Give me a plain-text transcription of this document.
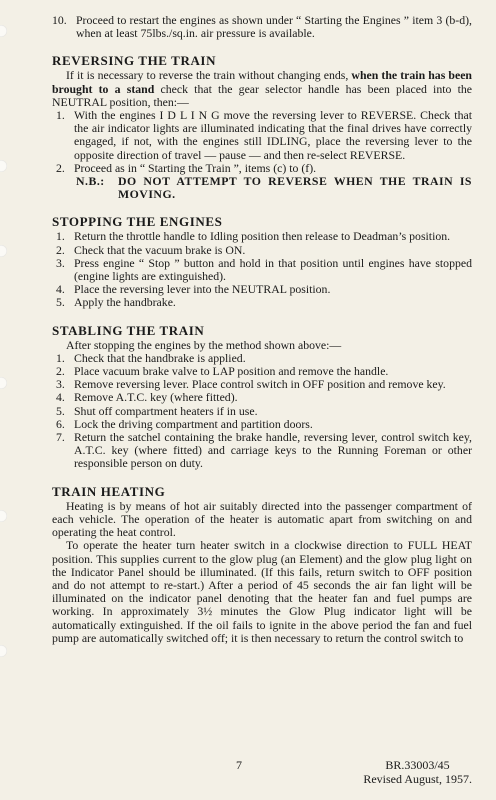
10. Proceed to restart the engines as shown under “ Starting the Engines ” item 3 (b-d), when at least 75lbs./sq.in. air pressure is available.
REVERSING THE TRAIN

If it is necessary to reverse the train without changing ends, when the train has been brought to a stand check that the gear selector handle has been placed into the NEUTRAL position, then:—

1. With the engines I D L I N G move the reversing lever to REVERSE. Check that the air indicator lights are illuminated indicating that the final drives have correctly engaged, if not, with the engines still IDLING, place the reversing lever to the opposite direction of travel — pause — and then re-select REVERSE.
2. Proceed as in “ Starting the Train ”, items (c) to (f).
N.B.:	DO NOT ATTEMPT TO REVERSE WHEN THE TRAIN IS MOVING.
STOPPING THE ENGINES
1. Return the throttle handle to Idling position then release to Deadman’s position.
2. Check that the vacuum brake is ON.
3. Press engine “ Stop ” button and hold in that position until engines have stopped (engine lights are extinguished).
4. Place the reversing lever into the NEUTRAL position.
5. Apply the handbrake.
STABLING THE TRAIN

After stopping the engines by the method shown above:—

1. Check that the handbrake is applied.
2. Place vacuum brake valve to LAP position and remove the handle.
3. Remove reversing lever. Place control switch in OFF position and remove key.
4. Remove A.T.C. key (where fitted).
5. Shut off compartment heaters if in use.
6. Lock the driving compartment and partition doors.
7. Return the satchel containing the brake handle, reversing lever, control switch key, A.T.C. key (where fitted) and carriage keys to the Running Foreman or other responsible person on duty.
TRAIN HEATING

Heating is by means of hot air suitably directed into the passenger compartment of each vehicle. The operation of the heater is automatic apart from switching on and operating the heat control.

To operate the heater turn heater switch in a clockwise direction to FULL HEAT position. This supplies current to the glow plug (an Element) and the glow plug light on the Indicator Panel should be illuminated. (If this fails, return switch to OFF position and do not attempt to re-start.) After a period of 45 seconds the air fan light will be illuminated on the indicator panel denoting that the heater fan and fuel pumps are working. In approximately 3½ minutes the Glow Plug indicator light will be automatically extinguished. If the oil fails to ignite in the above period the fan and fuel pump are automatically switched off; it is then necessary to return the control switch to

7	BR.33003/45
Revised August, 1957.
